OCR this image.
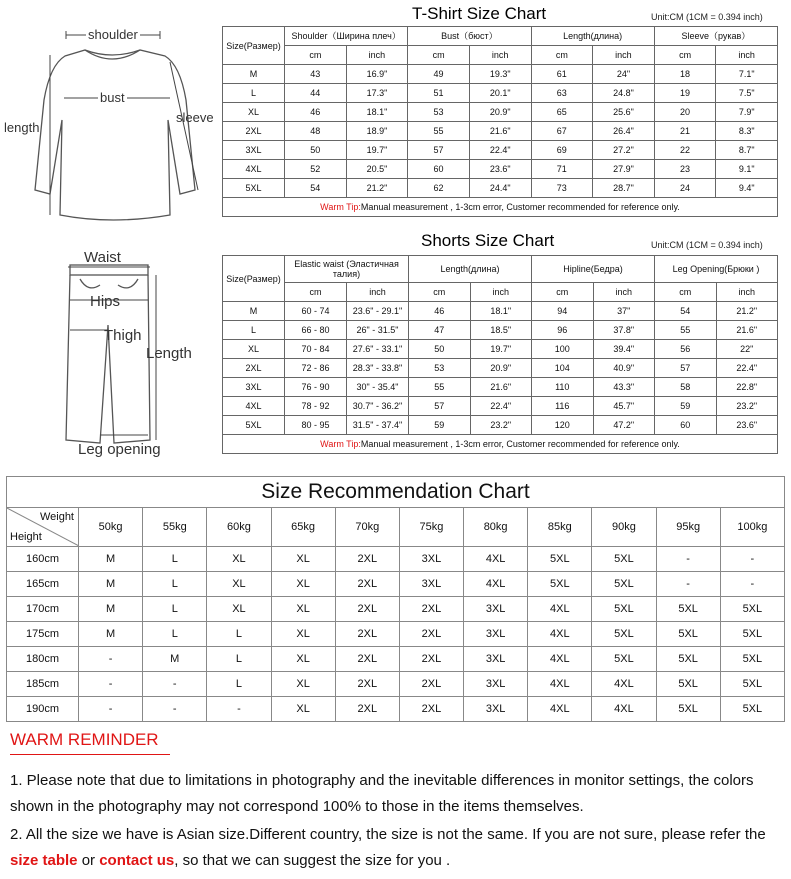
shoulder
bust
length
sleeve
T-Shirt Size Chart	Unit:CM (1CM = 0.394 inch)
Size(Размер)	Shoulder（Ширина плеч）		Bust（бюст）		Length(длина)		Sleeve（рукав）	
	cm	inch	cm	inch	cm	inch	cm	inch
M	43	16.9"	49	19.3"	61	24"	18	7.1"
L	44	17.3"	51	20.1"	63	24.8"	19	7.5"
XL	46	18.1"	53	20.9"	65	25.6"	20	7.9"
2XL	48	18.9"	55	21.6"	67	26.4"	21	8.3"
3XL	50	19.7"	57	22.4"	69	27.2"	22	8.7"
4XL	52	20.5"	60	23.6"	71	27.9"	23	9.1"
5XL	54	21.2"	62	24.4"	73	28.7"	24	9.4"
Warm Tip:Manual measurement , 1-3cm error, Customer recommended for reference only.								
Waist
Hips
Thigh
Length
Leg opening
Shorts Size Chart	Unit:CM (1CM = 0.394 inch)
Size(Размер)	Elastic waist (Эластичная талия)		Length(длина)		Hipline(Бедра)		Leg Opening(Брюки )	
	cm	inch	cm	inch	cm	inch	cm	inch
M	60 - 74	23.6" - 29.1"	46	18.1"	94	37"	54	21.2"
L	66 - 80	26" - 31.5"	47	18.5"	96	37.8"	55	21.6"
XL	70 - 84	27.6" - 33.1"	50	19.7"	100	39.4"	56	22"
2XL	72 - 86	28.3" - 33.8"	53	20.9"	104	40.9"	57	22.4"
3XL	76 - 90	30" - 35.4"	55	21.6"	110	43.3"	58	22.8"
4XL	78 - 92	30.7" - 36.2"	57	22.4"	116	45.7"	59	23.2"
5XL	80 - 95	31.5" - 37.4"	59	23.2"	120	47.2"	60	23.6"
Warm Tip:Manual measurement , 1-3cm error, Customer recommended for reference only.								
Size Recommendation Chart											

Weight
Height	50kg	55kg	60kg	65kg	70kg	75kg	80kg	85kg	90kg	95kg	100kg
160cm	M	L	XL	XL	2XL	3XL	4XL	5XL	5XL	-	-
165cm	M	L	XL	XL	2XL	3XL	4XL	5XL	5XL	-	-
170cm	M	L	XL	XL	2XL	2XL	3XL	4XL	5XL	5XL	5XL
175cm	M	L	L	XL	2XL	2XL	3XL	4XL	5XL	5XL	5XL
180cm	-	M	L	XL	2XL	2XL	3XL	4XL	5XL	5XL	5XL
185cm	-	-	L	XL	2XL	2XL	3XL	4XL	4XL	5XL	5XL
190cm	-	-	-	XL	2XL	2XL	3XL	4XL	4XL	5XL	5XL
WARM REMINDER
1. Please note that due to limitations in photography and the inevitable differences in monitor settings, the colors shown in the photography may not correspond 100% to those in the items themselves.
2. All the size we have is Asian size.Different country, the size is not the same. If you are not sure, please refer the size table or contact us, so that we can suggest the size for you .
